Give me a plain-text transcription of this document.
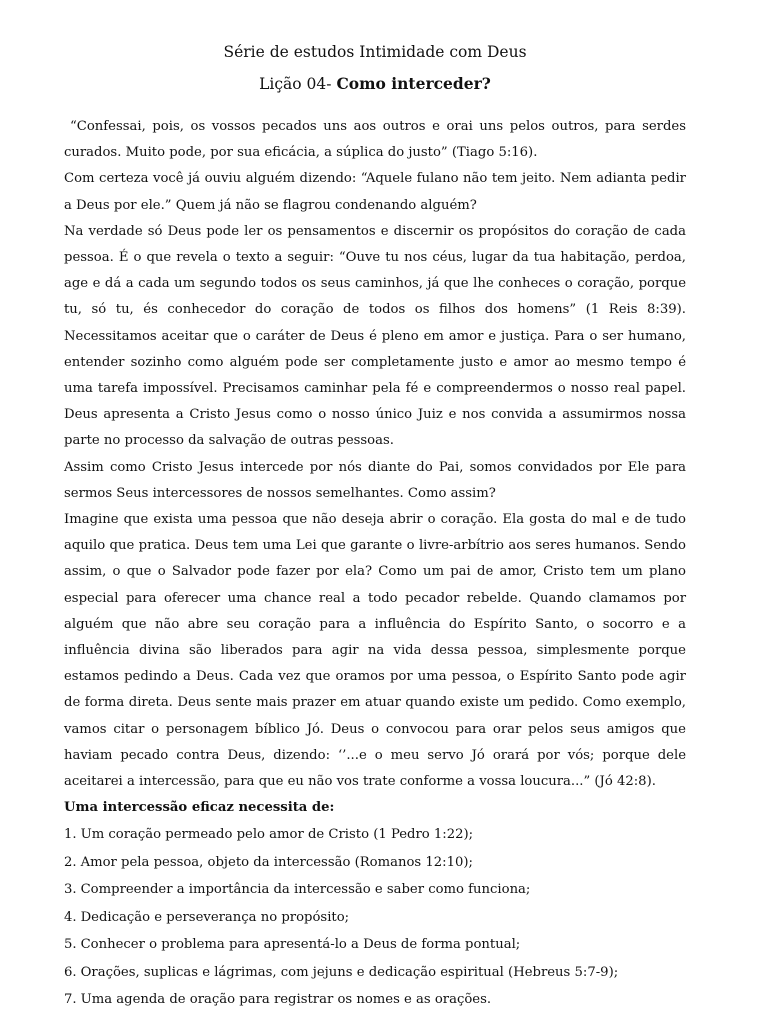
Série de estudos Intimidade com Deus
Lição 04- Como interceder?

“Confessai, pois, os vossos pecados uns aos outros e orai uns pelos outros, para serdes curados. Muito pode, por sua eficácia, a súplica do justo” (Tiago 5:16).

Com certeza você já ouviu alguém dizendo: “Aquele fulano não tem jeito. Nem adianta pedir a Deus por ele.” Quem já não se flagrou condenando alguém?

Na verdade só Deus pode ler os pensamentos e discernir os propósitos do coração de cada pessoa. É o que revela o texto a seguir: “Ouve tu nos céus, lugar da tua habitação, perdoa, age e dá a cada um segundo todos os seus caminhos, já que lhe conheces o coração, porque tu, só tu, és conhecedor do coração de todos os filhos dos homens” (1 Reis 8:39). Necessitamos aceitar que o caráter de Deus é pleno em amor e justiça. Para o ser humano, entender sozinho como alguém pode ser completamente justo e amor ao mesmo tempo é uma tarefa impossível. Precisamos caminhar pela fé e compreendermos o nosso real papel. Deus apresenta a Cristo Jesus como o nosso único Juiz e nos convida a assumirmos nossa parte no processo da salvação de outras pessoas.

Assim como Cristo Jesus intercede por nós diante do Pai, somos convidados por Ele para sermos Seus intercessores de nossos semelhantes. Como assim?

Imagine que exista uma pessoa que não deseja abrir o coração. Ela gosta do mal e de tudo aquilo que pratica. Deus tem uma Lei que garante o livre-arbítrio aos seres humanos. Sendo assim, o que o Salvador pode fazer por ela? Como um pai de amor, Cristo tem um plano especial para oferecer uma chance real a todo pecador rebelde. Quando clamamos por alguém que não abre seu coração para a influência do Espírito Santo, o socorro e a influência divina são liberados para agir na vida dessa pessoa, simplesmente porque estamos pedindo a Deus. Cada vez que oramos por uma pessoa, o Espírito Santo pode agir de forma direta. Deus sente mais prazer em atuar quando existe um pedido. Como exemplo, vamos citar o personagem bíblico Jó. Deus o convocou para orar pelos seus amigos que haviam pecado contra Deus, dizendo: ‘’...e o meu servo Jó orará por vós; porque dele aceitarei a intercessão, para que eu não vos trate conforme a vossa loucura...” (Jó 42:8).

Uma intercessão eficaz necessita de:

1. Um coração permeado pelo amor de Cristo (1 Pedro 1:22);
2. Amor pela pessoa, objeto da intercessão (Romanos 12:10);
3. Compreender a importância da intercessão e saber como funciona;
4. Dedicação e perseverança no propósito;
5. Conhecer o problema para apresentá-lo a Deus de forma pontual;
6. Orações, suplicas e lágrimas, com jejuns e dedicação espiritual (Hebreus 5:7-9);
7. Uma agenda de oração para registrar os nomes e as orações.
